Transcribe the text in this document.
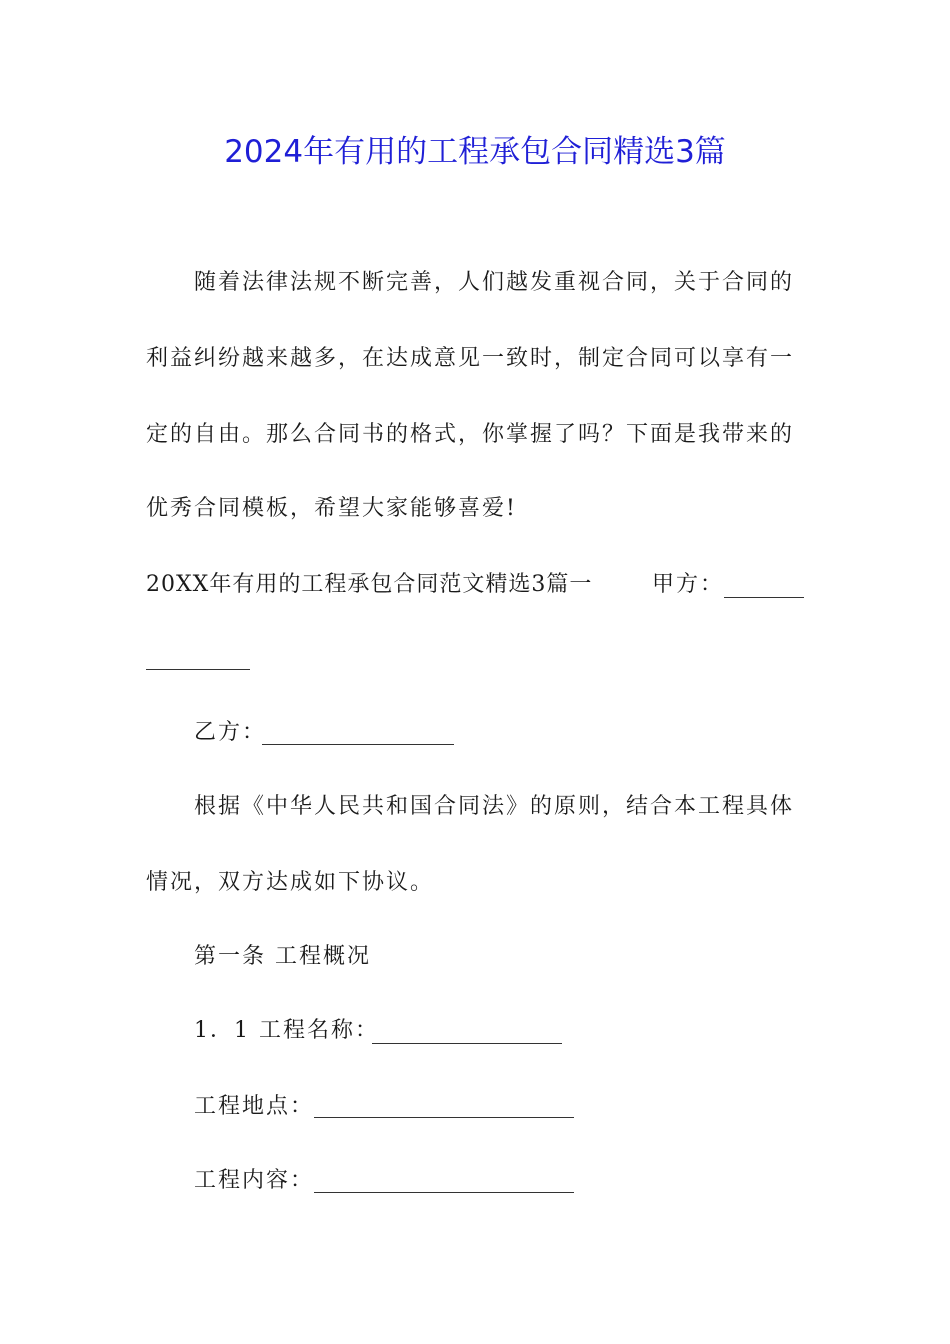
2024年有用的工程承包合同精选3篇

随着法律法规不断完善，人们越发重视合同，关于合同的

利益纠纷越来越多，在达成意见一致时，制定合同可以享有一

定的自由。那么合同书的格式，你掌握了吗？下面是我带来的

优秀合同模板，希望大家能够喜爱!

20XX年有用的工程承包合同范文精选3篇一	甲方：

乙方：

根据《中华人民共和国合同法》的原则，结合本工程具体

情况，双方达成如下协议。

第一条 工程概况

1．1 工程名称：

工程地点：

工程内容：
